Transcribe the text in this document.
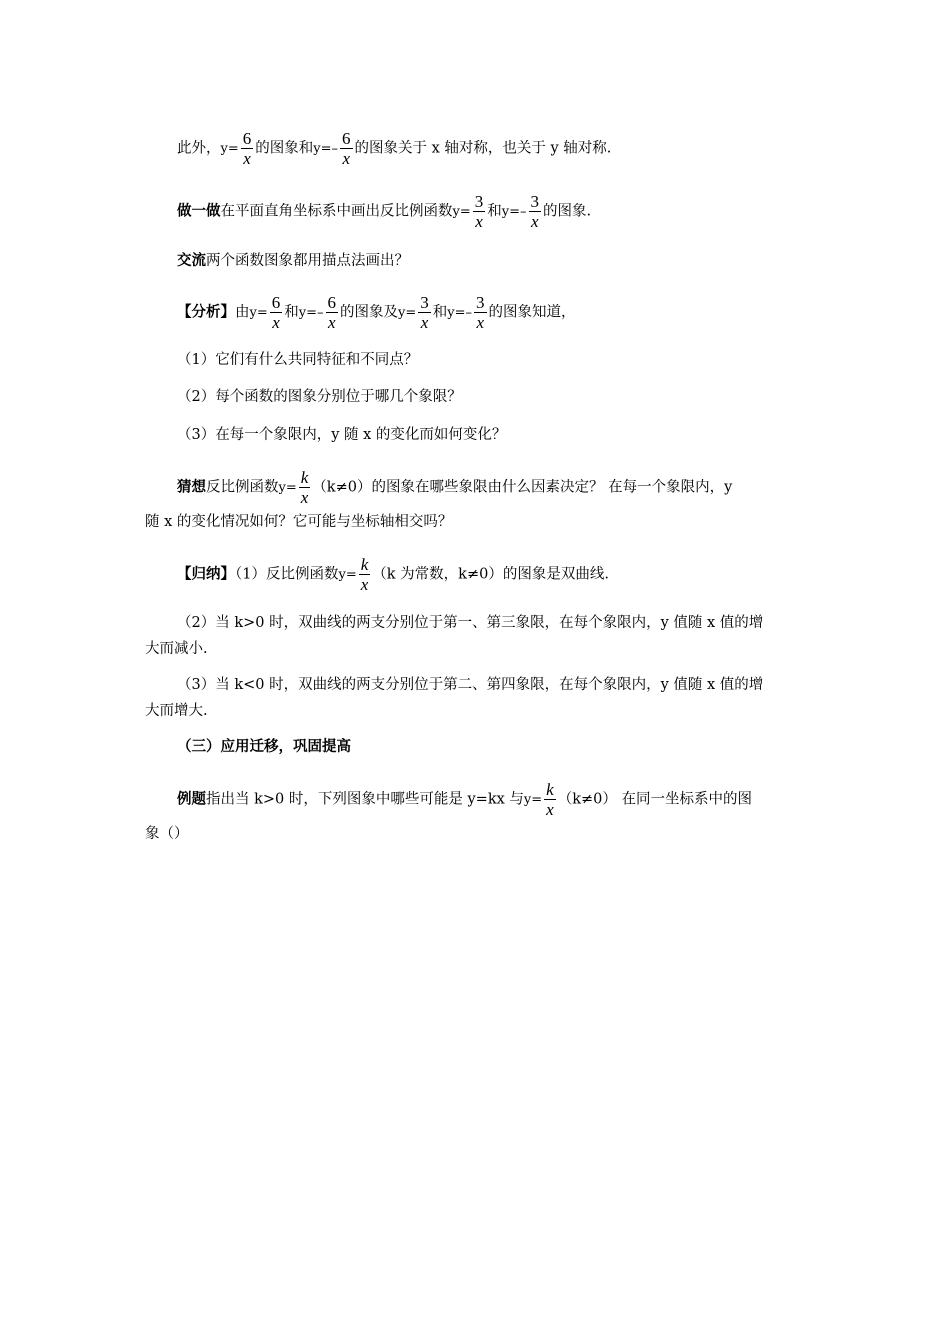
此外，$y= \frac{6}{x}$ 的图象和$y=- \frac{6}{x}$ 的图象关于 x 轴对称，也关于 y 轴对称.
做一做在平面直角坐标系中画出反比例函数$y= \frac{3}{x}$ 和$y=- \frac{3}{x}$ 的图象.
交流两个函数图象都用描点法画出？
【分析】由$y= \frac{6}{x}$ 和$y=- \frac{6}{x}$ 的图象及$y= \frac{3}{x}$ 和$y=- \frac{3}{x}$ 的图象知道，
（1）它们有什么共同特征和不同点？
（2）每个函数的图象分别位于哪几个象限？
（3）在每一个象限内，y 随 x 的变化而如何变化？
猜想反比例函数$y= \frac{k}{x} (k\ne 0)$的图象在哪些象限由什么因素决定？ 在每一个象限内，y
随 x 的变化情况如何？它可能与坐标轴相交吗？
【归纳】（1）反比例函数$y= \frac{k}{x} (k$ 为常数，k≠0）的图象是双曲线.
（2）当 k>0 时，双曲线的两支分别位于第一、第三象限，在每个象限内，y 值随 x 值的增
大而减小.
（3）当 k<0 时，双曲线的两支分别位于第二、第四象限，在每个象限内，y 值随 x 值的增
大而增大.
（三）应用迁移，巩固提高
例题指出当 k>0 时，下列图象中哪些可能是 y=kx 与$y= \frac{k}{x} (k\ne 0)$ 在同一坐标系中的图
象（）
